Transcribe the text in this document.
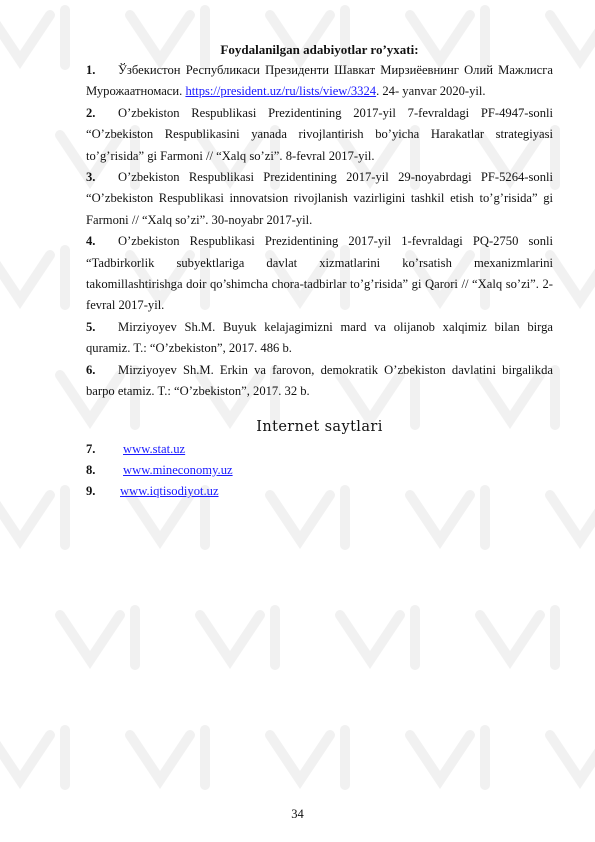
Foydalanilgan adabiyotlar ro’yxati:

1. Ўзбекистон Республикаси Президенти Шавкат Мирзиёевнинг Олий Мажлисга Мурожаатномаси. https://president.uz/ru/lists/view/3324. 24- yanvar 2020-yil.

2. O’zbekiston Respublikasi Prezidentining 2017-yil 7-fevraldagi PF-4947-sonli “O’zbekiston Respublikasini yanada rivojlantirish bo’yicha Harakatlar strategiyasi to’g’risida” gi Farmoni // “Xalq so’zi”. 8-fevral 2017-yil.

3. O’zbekiston Respublikasi Prezidentining 2017-yil 29-noyabrdagi PF-5264-sonli “O’zbekiston Respublikasi innovatsion rivojlanish vazirligini tashkil etish to’g’risida” gi Farmoni // “Xalq so’zi”. 30-noyabr 2017-yil.

4. O’zbekiston Respublikasi Prezidentining 2017-yil 1-fevraldagi PQ-2750 sonli “Tadbirkorlik subyektlariga davlat xizmatlarini ko’rsatish mexanizmlarini takomillashtirishga doir qo’shimcha chora-tadbirlar to’g’risida” gi Qarori // “Xalq so’zi”. 2-fevral 2017-yil.

5. Mirziyoyev Sh.M. Buyuk kelajagimizni mard va olijanob xalqimiz bilan birga quramiz. T.: “O’zbekiston”, 2017. 486 b.

6. Mirziyoyev Sh.M. Erkin va farovon, demokratik O’zbekiston davlatini birgalikda barpo etamiz. T.: “O’zbekiston”, 2017. 32 b.

Internet saytlari

7. www.stat.uz

8. www.mineconomy.uz

9. www.iqtisodiyot.uz

34
